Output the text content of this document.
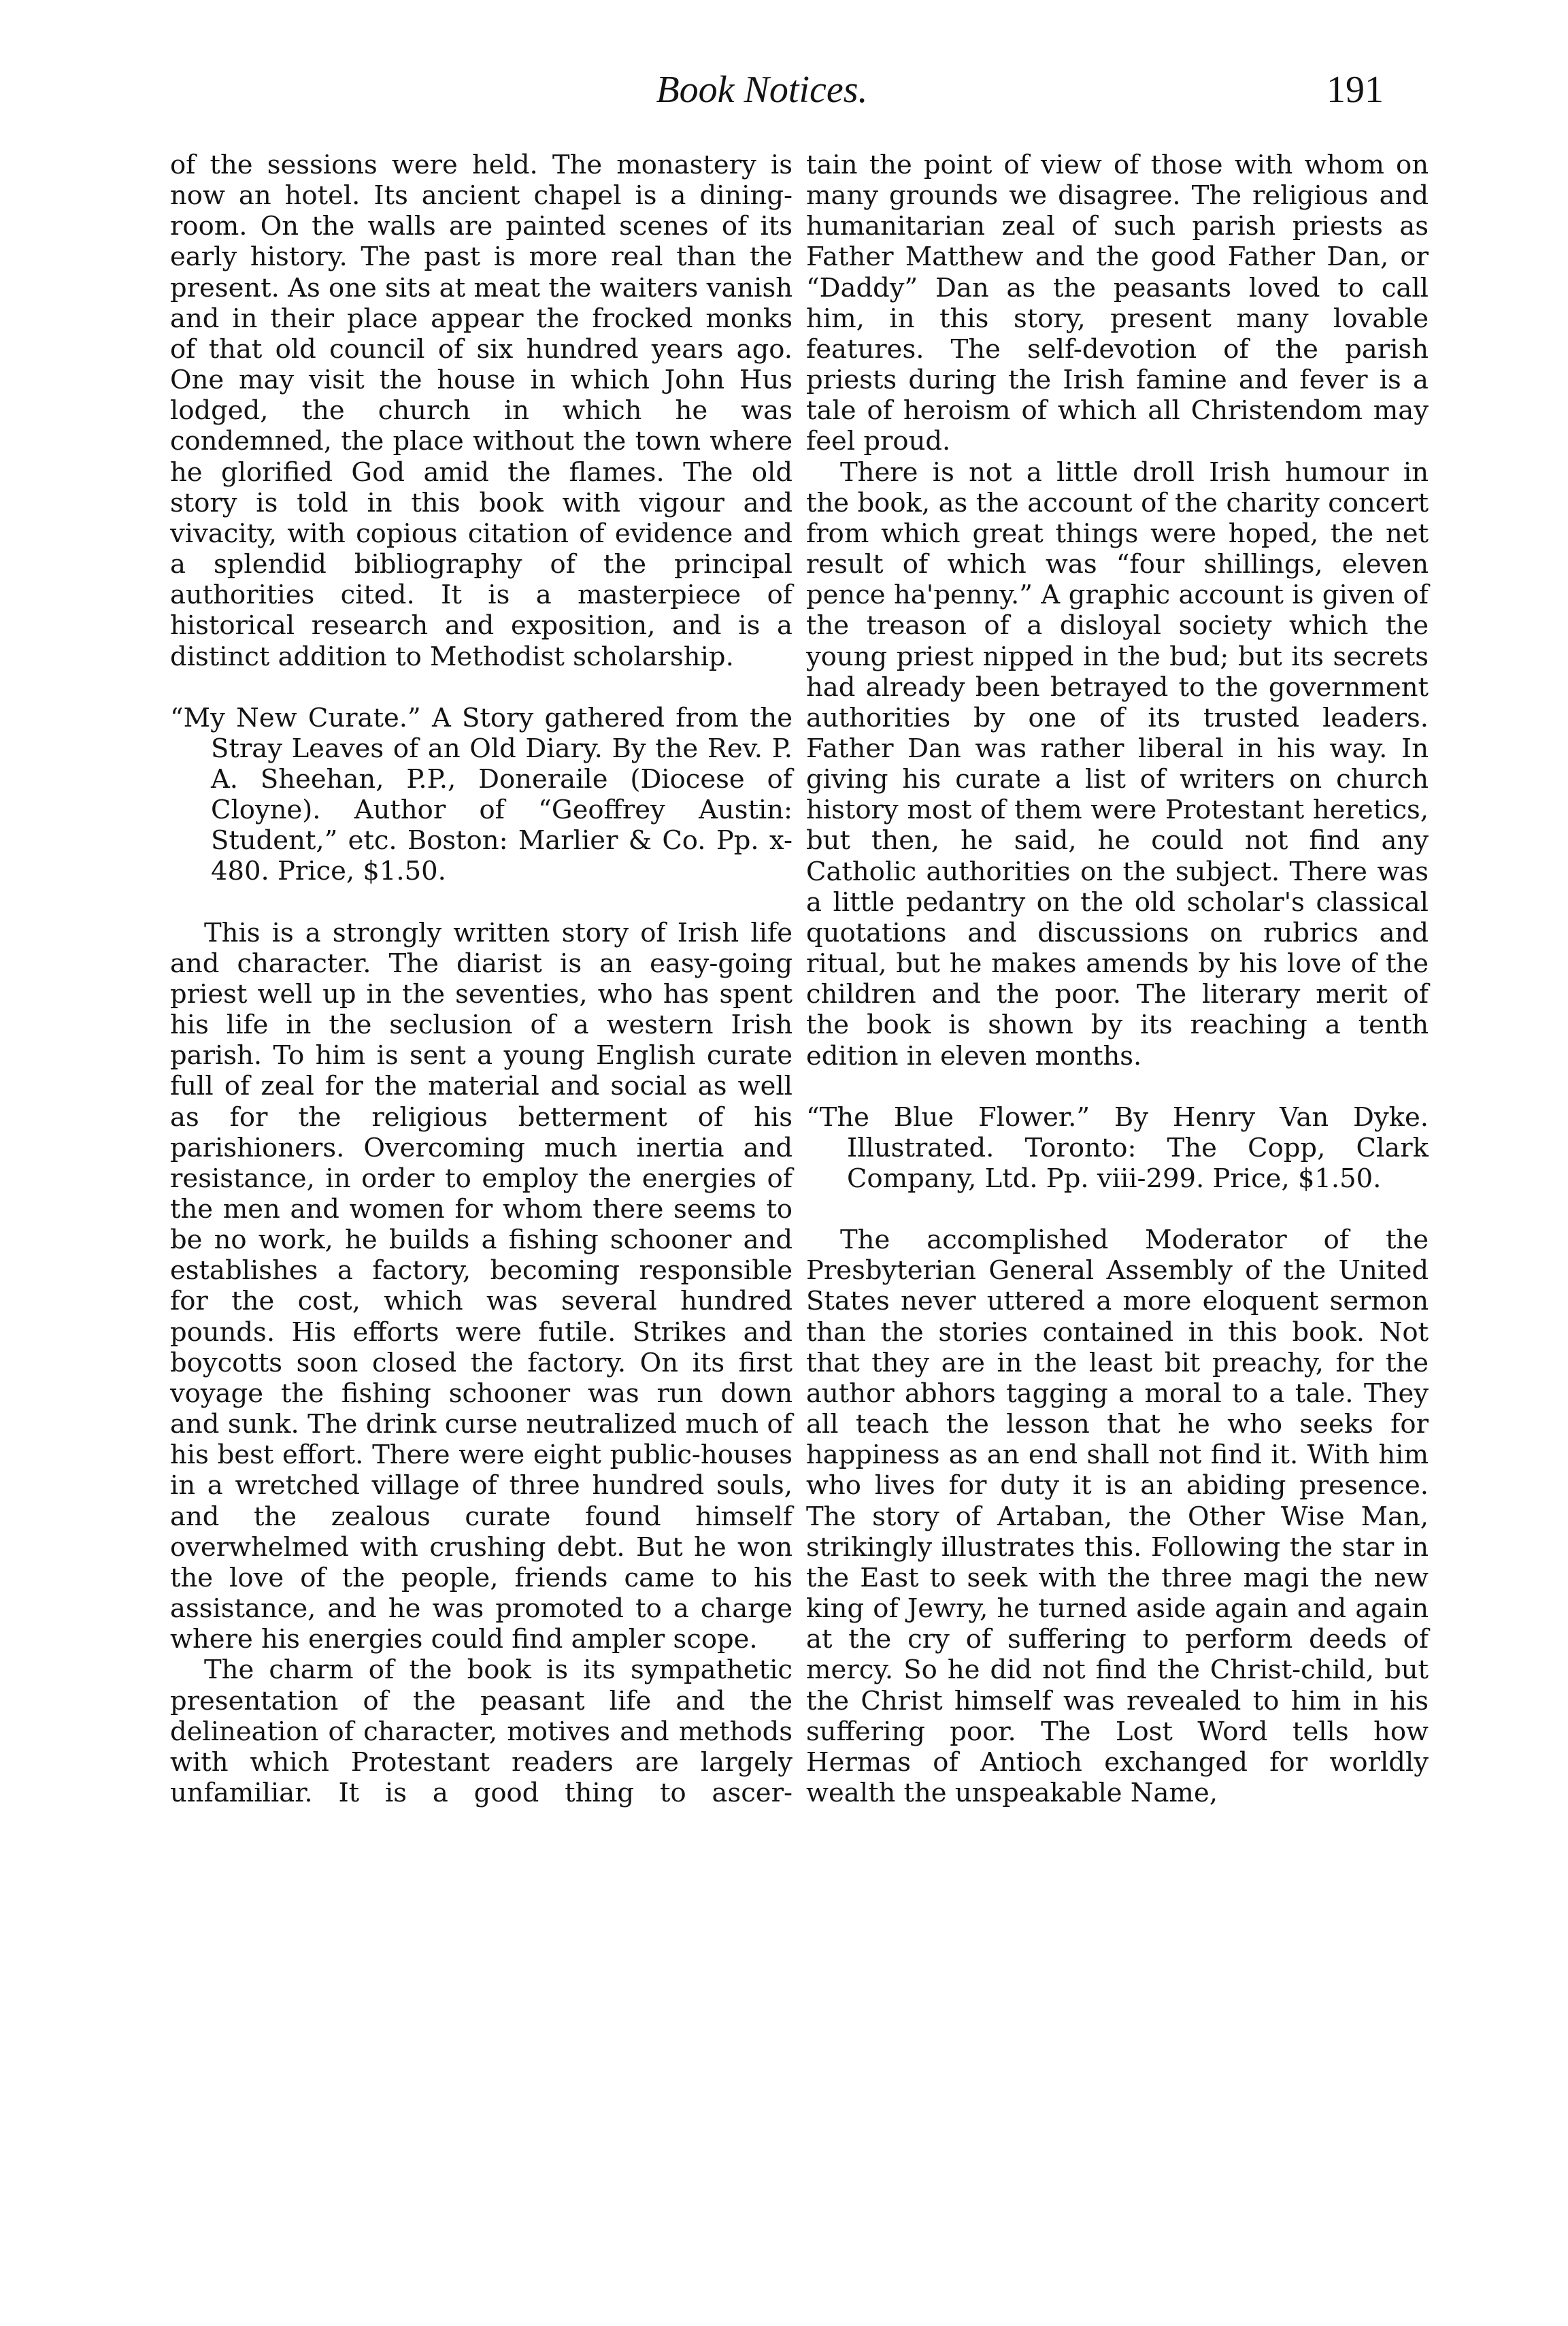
Book Notices.	191

of the sessions were held. The monastery is now an hotel. Its ancient chapel is a dining-room. On the walls are painted scenes of its early history. The past is more real than the present. As one sits at meat the waiters vanish and in their place appear the frocked monks of that old council of six hundred years ago. One may visit the house in which John Hus lodged, the church in which he was condemned, the place without the town where he glorified God amid the flames. The old story is told in this book with vigour and vivacity, with copious citation of evidence and a splendid bibliography of the principal authorities cited. It is a masterpiece of historical research and exposition, and is a distinct addition to Methodist scholarship.

“My New Curate.” A Story gathered from the Stray Leaves of an Old Diary. By the Rev. P. A. Sheehan, P.P., Doneraile (Diocese of Cloyne). Author of “Geoffrey Austin: Student,” etc. Boston: Marlier & Co. Pp. x-480. Price, $1.50.

This is a strongly written story of Irish life and character. The diarist is an easy-going priest well up in the seventies, who has spent his life in the seclusion of a western Irish parish. To him is sent a young English curate full of zeal for the material and social as well as for the religious betterment of his parishioners. Overcoming much inertia and resistance, in order to employ the energies of the men and women for whom there seems to be no work, he builds a fishing schooner and establishes a factory, becoming responsible for the cost, which was several hundred pounds. His efforts were futile. Strikes and boycotts soon closed the factory. On its first voyage the fishing schooner was run down and sunk. The drink curse neutralized much of his best effort. There were eight public-houses in a wretched village of three hundred souls, and the zealous curate found himself overwhelmed with crushing debt. But he won the love of the people, friends came to his assistance, and he was promoted to a charge where his energies could find ampler scope.

The charm of the book is its sympathetic presentation of the peasant life and the delineation of character, motives and methods with which Protestant readers are largely unfamiliar. It is a good thing to ascer-

tain the point of view of those with whom on many grounds we disagree. The religious and humanitarian zeal of such parish priests as Father Matthew and the good Father Dan, or “Daddy” Dan as the peasants loved to call him, in this story, present many lovable features. The self-devotion of the parish priests during the Irish famine and fever is a tale of heroism of which all Christendom may feel proud.

There is not a little droll Irish humour in the book, as the account of the charity concert from which great things were hoped, the net result of which was “four shillings, eleven pence ha'penny.” A graphic account is given of the treason of a disloyal society which the young priest nipped in the bud; but its secrets had already been betrayed to the government authorities by one of its trusted leaders. Father Dan was rather liberal in his way. In giving his curate a list of writers on church history most of them were Protestant heretics, but then, he said, he could not find any Catholic authorities on the subject. There was a little pedantry on the old scholar's classical quotations and discussions on rubrics and ritual, but he makes amends by his love of the children and the poor. The literary merit of the book is shown by its reaching a tenth edition in eleven months.

“The Blue Flower.” By Henry Van Dyke. Illustrated. Toronto: The Copp, Clark Company, Ltd. Pp. viii-299. Price, $1.50.

The accomplished Moderator of the Presbyterian General Assembly of the United States never uttered a more eloquent sermon than the stories contained in this book. Not that they are in the least bit preachy, for the author abhors tagging a moral to a tale. They all teach the lesson that he who seeks for happiness as an end shall not find it. With him who lives for duty it is an abiding presence. The story of Artaban, the Other Wise Man, strikingly illustrates this. Following the star in the East to seek with the three magi the new king of Jewry, he turned aside again and again at the cry of suffering to perform deeds of mercy. So he did not find the Christ-child, but the Christ himself was revealed to him in his suffering poor. The Lost Word tells how Hermas of Antioch exchanged for worldly wealth the unspeakable Name,
